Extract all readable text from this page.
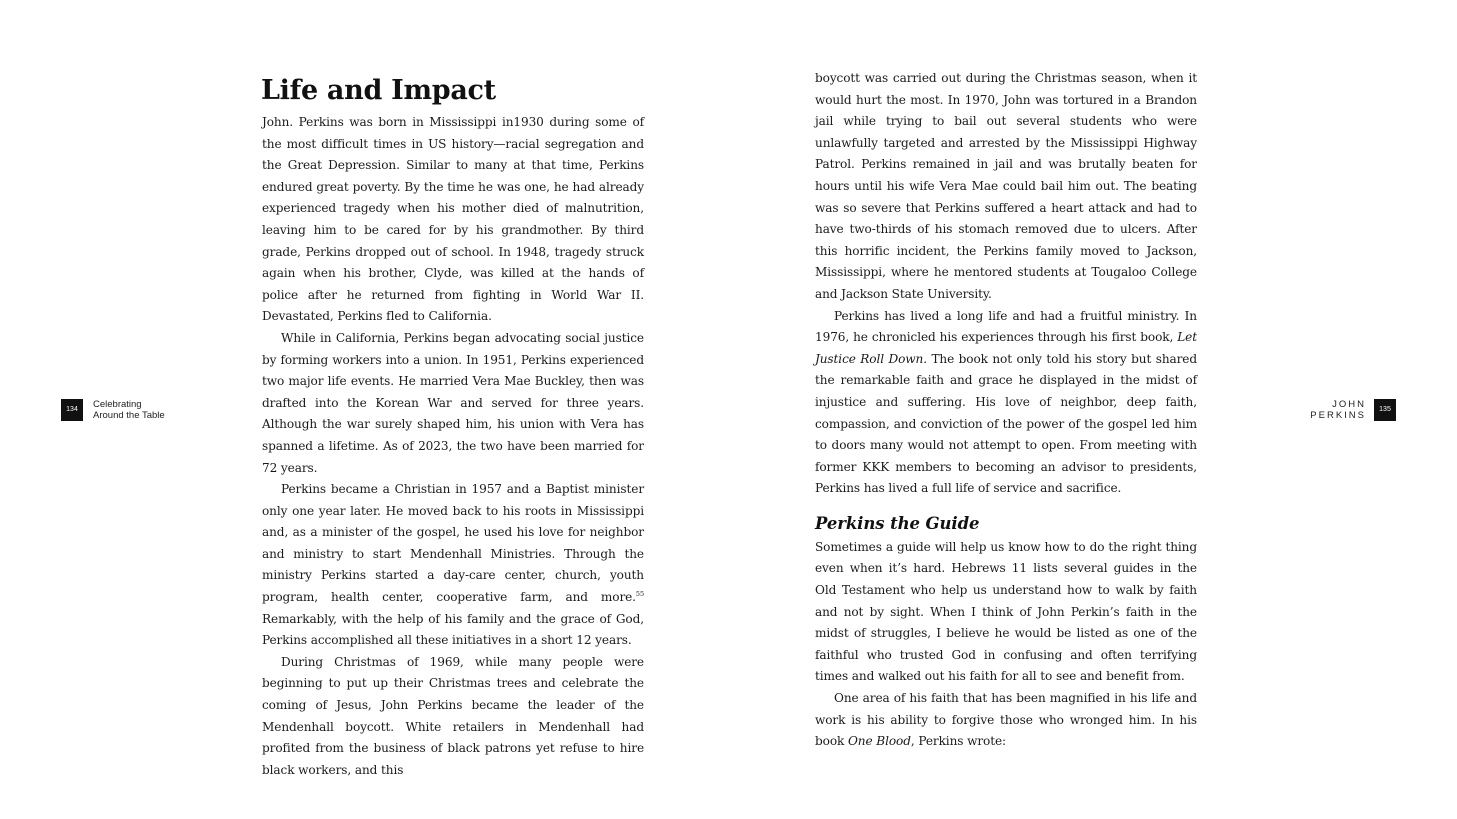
134	Celebrating
Around the Table
Life and Impact

John. Perkins was born in Mississippi in1930 during some of the most difficult times in US history—racial segregation and the Great Depression. Similar to many at that time, Perkins endured great poverty. By the time he was one, he had already experienced tragedy when his mother died of malnutrition, leaving him to be cared for by his grandmother. By third grade, Perkins dropped out of school. In 1948, tragedy struck again when his brother, Clyde, was killed at the hands of police after he returned from fighting in World War II. Devastated, Perkins fled to California.

While in California, Perkins began advocating social justice by forming workers into a union. In 1951, Perkins experienced two major life events. He married Vera Mae Buckley, then was drafted into the Korean War and served for three years. Although the war surely shaped him, his union with Vera has spanned a lifetime. As of 2023, the two have been married for 72 years.

Perkins became a Christian in 1957 and a Baptist minister only one year later. He moved back to his roots in Mississippi and, as a minister of the gospel, he used his love for neighbor and ministry to start Mendenhall Ministries. Through the ministry Perkins started a day-care center, church, youth program, health center, cooperative farm, and more.$^{55}$ Remarkably, with the help of his family and the grace of God, Perkins accomplished all these initiatives in a short 12 years.

During Christmas of 1969, while many people were beginning to put up their Christmas trees and celebrate the coming of Jesus, John Perkins became the leader of the Mendenhall boycott. White retailers in Mendenhall had profited from the business of black patrons yet refuse to hire black workers, and this

boycott was carried out during the Christmas season, when it would hurt the most. In 1970, John was tortured in a Brandon jail while trying to bail out several students who were unlawfully targeted and arrested by the Mississippi Highway Patrol. Perkins remained in jail and was brutally beaten for hours until his wife Vera Mae could bail him out. The beating was so severe that Perkins suffered a heart attack and had to have two-thirds of his stomach removed due to ulcers. After this horrific incident, the Perkins family moved to Jackson, Mississippi, where he mentored students at Tougaloo College and Jackson State University.

Perkins has lived a long life and had a fruitful ministry. In 1976, he chronicled his experiences through his first book, Let Justice Roll Down. The book not only told his story but shared the remarkable faith and grace he displayed in the midst of injustice and suffering. His love of neighbor, deep faith, compassion, and conviction of the power of the gospel led him to doors many would not attempt to open. From meeting with former KKK members to becoming an advisor to presidents, Perkins has lived a full life of service and sacrifice.

Perkins the Guide

Sometimes a guide will help us know how to do the right thing even when it’s hard. Hebrews 11 lists several guides in the Old Testament who help us understand how to walk by faith and not by sight. When I think of John Perkin’s faith in the midst of struggles, I believe he would be listed as one of the faithful who trusted God in confusing and often terrifying times and walked out his faith for all to see and benefit from.

One area of his faith that has been magnified in his life and work is his ability to forgive those who wronged him. In his book One Blood, Perkins wrote:

JOHN
PERKINS	135
